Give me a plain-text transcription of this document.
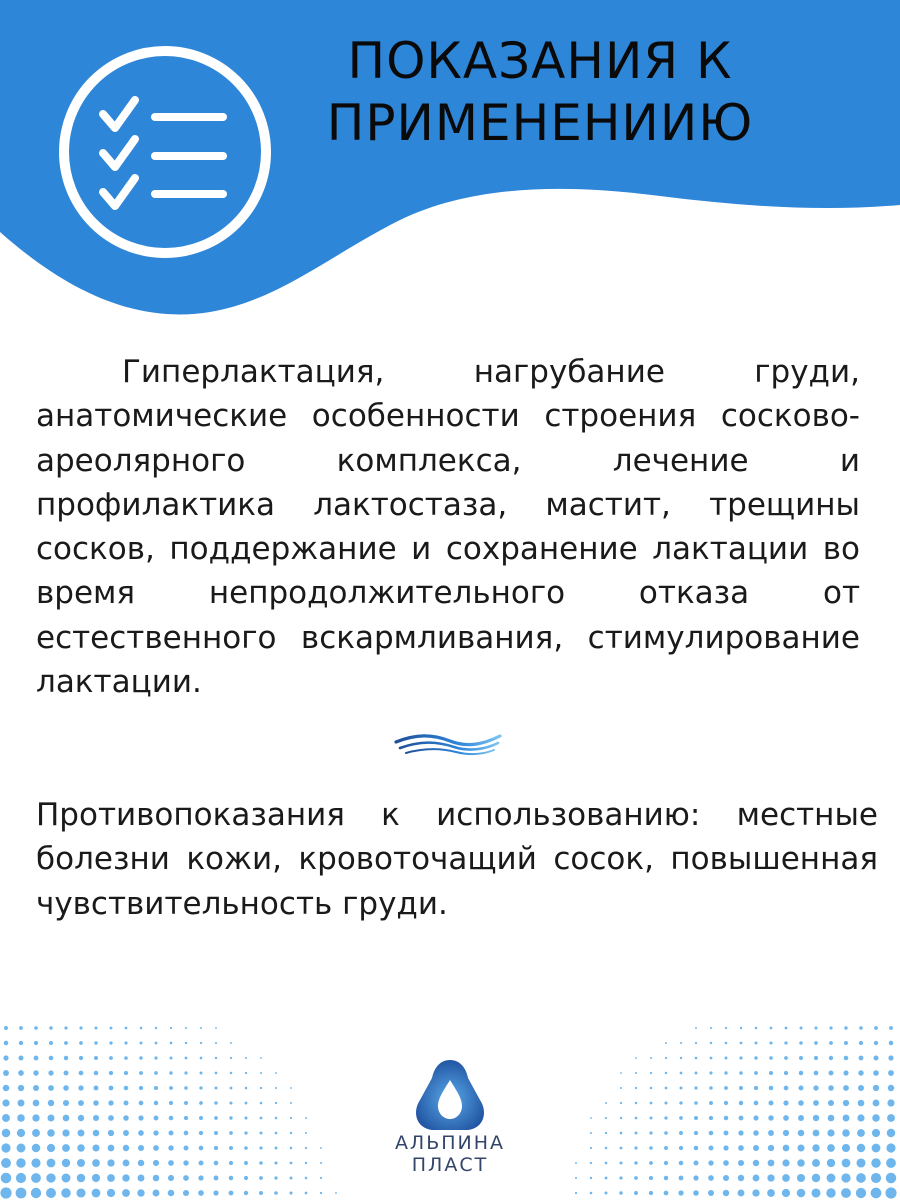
ПОКАЗАНИЯ К
ПРИМЕНЕНИИЮ

Гиперлактация, нагрубание груди, анатомические особенности строения сосково-ареолярного комплекса, лечение и профилактика лактостаза, мастит, трещины сосков, поддержание и сохранение лактации во время непродолжительного отказа от естественного вскармливания, стимулирование лактации.

Противопоказания к использованию: местные болезни кожи, кровоточащий сосок, повышенная чувствительность груди.

АЛЬПИНА
ПЛАСТ
